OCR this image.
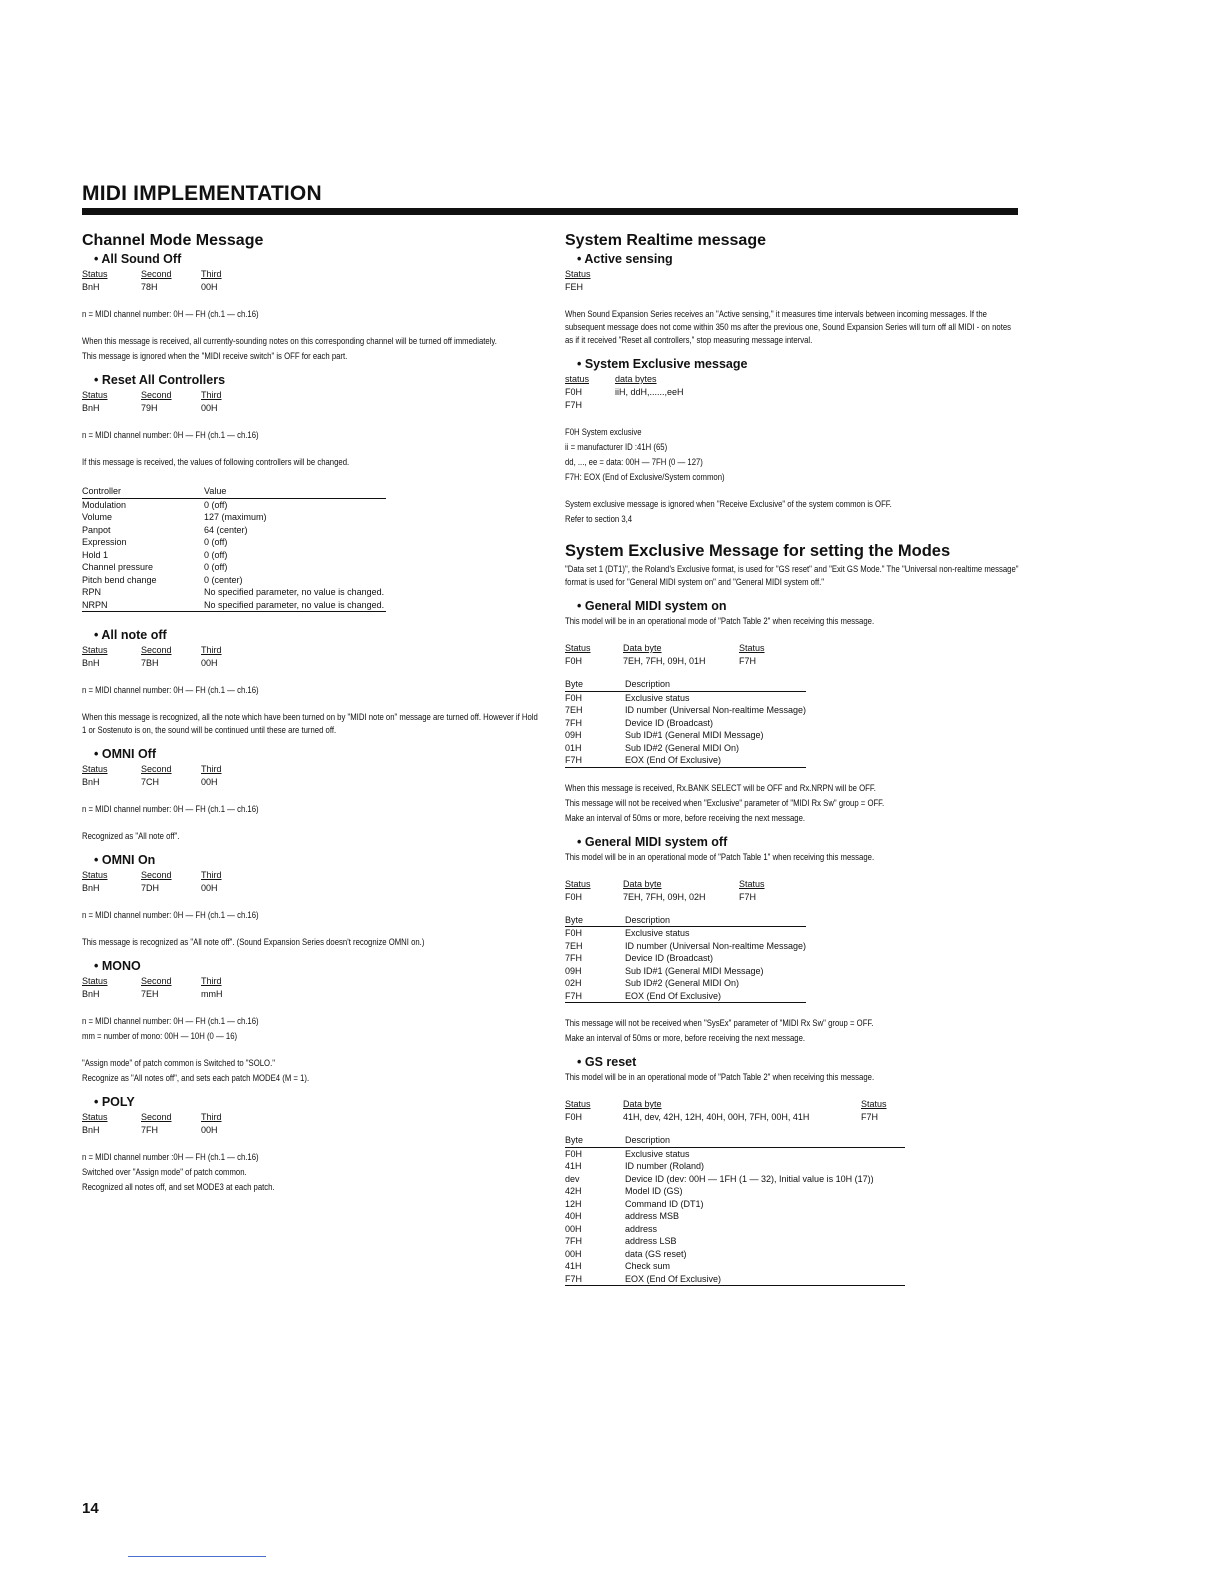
MIDI IMPLEMENTATION
Channel Mode Message
• All Sound Off
Status	Second	Third
BnH	78H	00H

n = MIDI channel number: 0H — FH (ch.1 — ch.16)

When this message is received, all currently-sounding notes on this corresponding channel will be turned off immediately.

This message is ignored when the "MIDI receive switch" is OFF for each part.

• Reset All Controllers
Status	Second	Third
BnH	79H	00H

n = MIDI channel number: 0H — FH (ch.1 — ch.16)

If this message is received, the values of following controllers will be changed.

Controller	Value
Modulation	0 (off)
Volume	127 (maximum)
Panpot	64 (center)
Expression	0 (off)
Hold 1	0 (off)
Channel pressure	0 (off)
Pitch bend change	0 (center)
RPN	No specified parameter, no value is changed.
NRPN	No specified parameter, no value is changed.
• All note off
Status	Second	Third
BnH	7BH	00H

n = MIDI channel number: 0H — FH (ch.1 — ch.16)

When this message is recognized, all the note which have been turned on by "MIDI note on" message are turned off. However if Hold 1 or Sostenuto is on, the sound will be continued until these are turned off.

• OMNI Off
Status	Second	Third
BnH	7CH	00H

n = MIDI channel number: 0H — FH (ch.1 — ch.16)

Recognized as "All note off".

• OMNI On
Status	Second	Third
BnH	7DH	00H

n = MIDI channel number: 0H — FH (ch.1 — ch.16)

This message is recognized as "All note off". (Sound Expansion Series doesn't recognize OMNI on.)

• MONO
Status	Second	Third
BnH	7EH	mmH

n = MIDI channel number: 0H — FH (ch.1 — ch.16)

mm = number of mono: 00H — 10H (0 — 16)

"Assign mode" of patch common is Switched to "SOLO."

Recognize as "All notes off", and sets each patch MODE4 (M = 1).

• POLY
Status	Second	Third
BnH	7FH	00H

n = MIDI channel number :0H — FH (ch.1 — ch.16)

Switched over "Assign mode" of patch common.

Recognized all notes off, and set MODE3 at each patch.

System Realtime message
• Active sensing
Status
FEH

When Sound Expansion Series receives an "Active sensing," it measures time intervals between incoming messages. If the subsequent message does not come within 350 ms after the previous one, Sound Expansion Series will turn off all MIDI - on notes as if it received "Reset all controllers," stop measuring message interval.

• System Exclusive message
status	data bytes
F0H	iiH, ddH,......,eeH
F7H

F0H System exclusive

ii = manufacturer ID :41H (65)

dd, ..., ee = data: 00H — 7FH (0 — 127)

F7H: EOX (End of Exclusive/System common)

System exclusive message is ignored when "Receive Exclusive" of the system common is OFF.

Refer to section 3,4

System Exclusive Message for setting the Modes

"Data set 1 (DT1)", the Roland's Exclusive format, is used for "GS reset" and "Exit GS Mode." The "Universal non-realtime message" format is used for "General MIDI system on" and "General MIDI system off."

• General MIDI system on

This model will be in an operational mode of "Patch Table 2" when receiving this message.

Status	Data byte	Status
F0H	7EH, 7FH, 09H, 01H	F7H
Byte	Description
F0H	Exclusive status
7EH	ID number (Universal Non-realtime Message)
7FH	Device ID (Broadcast)
09H	Sub ID#1 (General MIDI Message)
01H	Sub ID#2 (General MIDI On)
F7H	EOX (End Of Exclusive)

When this message is received, Rx.BANK SELECT will be OFF and Rx.NRPN will be OFF.

This message will not be received when "Exclusive" parameter of "MIDI Rx Sw" group = OFF.

Make an interval of 50ms or more, before receiving the next message.

• General MIDI system off

This model will be in an operational mode of "Patch Table 1" when receiving this message.

Status	Data byte	Status
F0H	7EH, 7FH, 09H, 02H	F7H
Byte	Description
F0H	Exclusive status
7EH	ID number (Universal Non-realtime Message)
7FH	Device ID (Broadcast)
09H	Sub ID#1 (General MIDI Message)
02H	Sub ID#2 (General MIDI On)
F7H	EOX (End Of Exclusive)

This message will not be received when "SysEx" parameter of "MIDI Rx Sw" group = OFF.

Make an interval of 50ms or more, before receiving the next message.

• GS reset

This model will be in an operational mode of "Patch Table 2" when receiving this message.

Status	Data byte	Status
F0H	41H, dev, 42H, 12H, 40H, 00H, 7FH, 00H, 41H	F7H
Byte	Description
F0H	Exclusive status
41H	ID number (Roland)
dev	Device ID (dev: 00H — 1FH (1 — 32), Initial value is 10H (17))
42H	Model ID (GS)
12H	Command ID (DT1)
40H	address MSB
00H	address
7FH	address LSB
00H	data (GS reset)
41H	Check sum
F7H	EOX (End Of Exclusive)
14
